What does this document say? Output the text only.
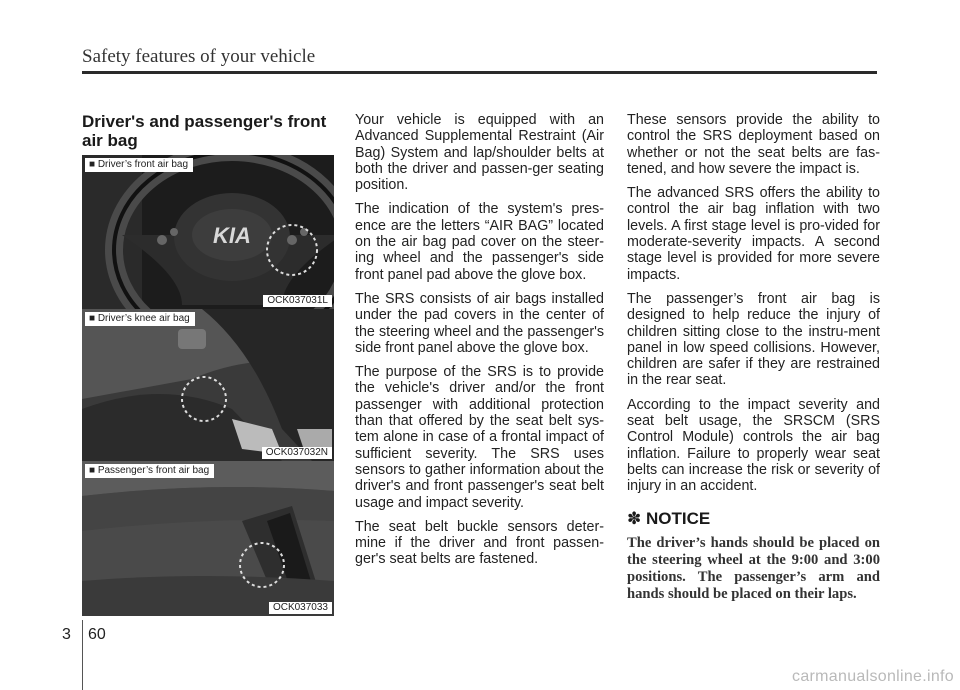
Safety features of your vehicle
Driver's and passenger's front air bag
KIA
■ Driver’s front air bag
OCK037031L
■ Driver’s knee air bag
OCK037032N
■ Passenger’s front air bag
OCK037033

Your vehicle is equipped with an Advanced Supplemental Restraint (Air Bag) System and lap/shoulder belts at both the driver and passen-ger seating position.

The indication of the system's pres-ence are the letters “AIR BAG” located on the air bag pad cover on the steer-ing wheel and the passenger's side front panel pad above the glove box.

The SRS consists of air bags installed under the pad covers in the center of the steering wheel and the passenger's side front panel above the glove box.

The purpose of the SRS is to provide the vehicle's driver and/or the front passenger with additional protection than that offered by the seat belt sys-tem alone in case of a frontal impact of sufficient severity. The SRS uses sensors to gather information about the driver's and front passenger's seat belt usage and impact severity.

The seat belt buckle sensors deter-mine if the driver and front passen-ger's seat belts are fastened.

These sensors provide the ability to control the SRS deployment based on whether or not the seat belts are fas-tened, and how severe the impact is.

The advanced SRS offers the ability to control the air bag inflation with two levels. A first stage level is pro-vided for moderate-severity impacts. A second stage level is provided for more severe impacts.

The passenger’s front air bag is designed to help reduce the injury of children sitting close to the instru-ment panel in low speed collisions. However, children are safer if they are restrained in the rear seat.

According to the impact severity and seat belt usage, the SRSCM (SRS Control Module) controls the air bag inflation. Failure to properly wear seat belts can increase the risk or severity of injury in an accident.

✽ NOTICE
The driver’s hands should be placed on the steering wheel at the 9:00 and 3:00 positions. The passenger’s arm and hands should be placed on their laps.
3 60
carmanualsonline.info
